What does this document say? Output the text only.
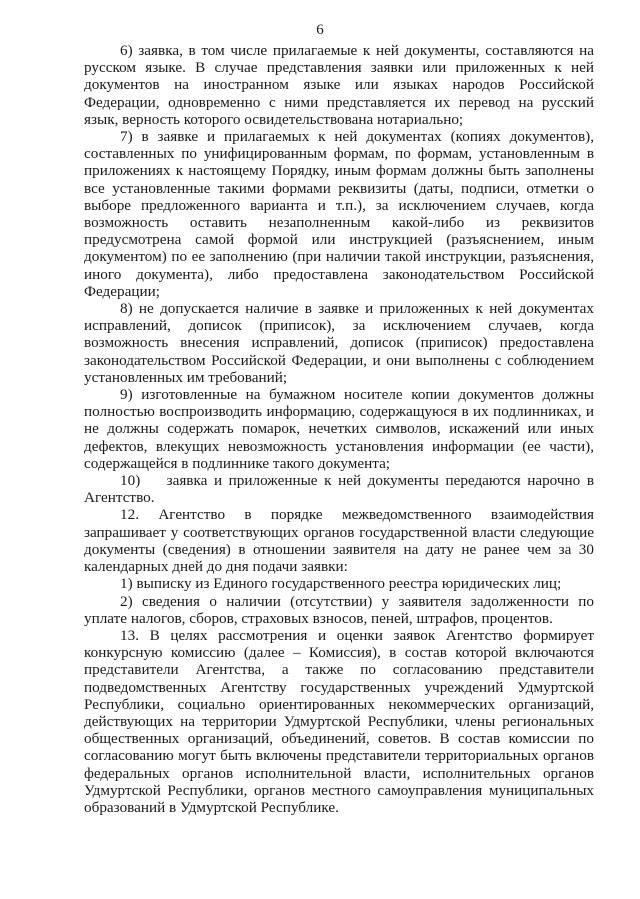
6

6) заявка, в том числе прилагаемые к ней документы, составляются на русском языке. В случае представления заявки или приложенных к ней документов на иностранном языке или языках народов Российской Федерации, одновременно с ними представляется их перевод на русский язык, верность которого освидетельствована нотариально;

7) в заявке и прилагаемых к ней документах (копиях документов), составленных по унифицированным формам, по формам, установленным в приложениях к настоящему Порядку, иным формам должны быть заполнены все установленные такими формами реквизиты (даты, подписи, отметки о выборе предложенного варианта и т.п.), за исключением случаев, когда возможность оставить незаполненным какой-либо из реквизитов предусмотрена самой формой или инструкцией (разъяснением, иным документом) по ее заполнению (при наличии такой инструкции, разъяснения, иного документа), либо предоставлена законодательством Российской Федерации;

8) не допускается наличие в заявке и приложенных к ней документах исправлений, дописок (приписок), за исключением случаев, когда возможность внесения исправлений, дописок (приписок) предоставлена законодательством Российской Федерации, и они выполнены с соблюдением установленных им требований;

9) изготовленные на бумажном носителе копии документов должны полностью воспроизводить информацию, содержащуюся в их подлинниках, и не должны содержать помарок, нечетких символов, искажений или иных дефектов, влекущих невозможность установления информации (ее части), содержащейся в подлиннике такого документа;

10)    заявка и приложенные к ней документы передаются нарочно в Агентство.

12. Агентство в порядке межведомственного взаимодействия запрашивает у соответствующих органов государственной власти следующие документы (сведения) в отношении заявителя на дату не ранее чем за 30 календарных дней до дня подачи заявки:

1) выписку из Единого государственного реестра юридических лиц;

2) сведения о наличии (отсутствии) у заявителя задолженности по уплате налогов, сборов, страховых взносов, пеней, штрафов, процентов.

13. В целях рассмотрения и оценки заявок Агентство формирует конкурсную комиссию (далее – Комиссия), в состав которой включаются представители Агентства, а также по согласованию представители подведомственных Агентству государственных учреждений Удмуртской Республики, социально ориентированных некоммерческих организаций, действующих на территории Удмуртской Республики, члены региональных общественных организаций, объединений, советов. В состав комиссии по согласованию могут быть включены представители территориальных органов федеральных органов исполнительной власти, исполнительных органов Удмуртской Республики, органов местного самоуправления муниципальных образований в Удмуртской Республике.
